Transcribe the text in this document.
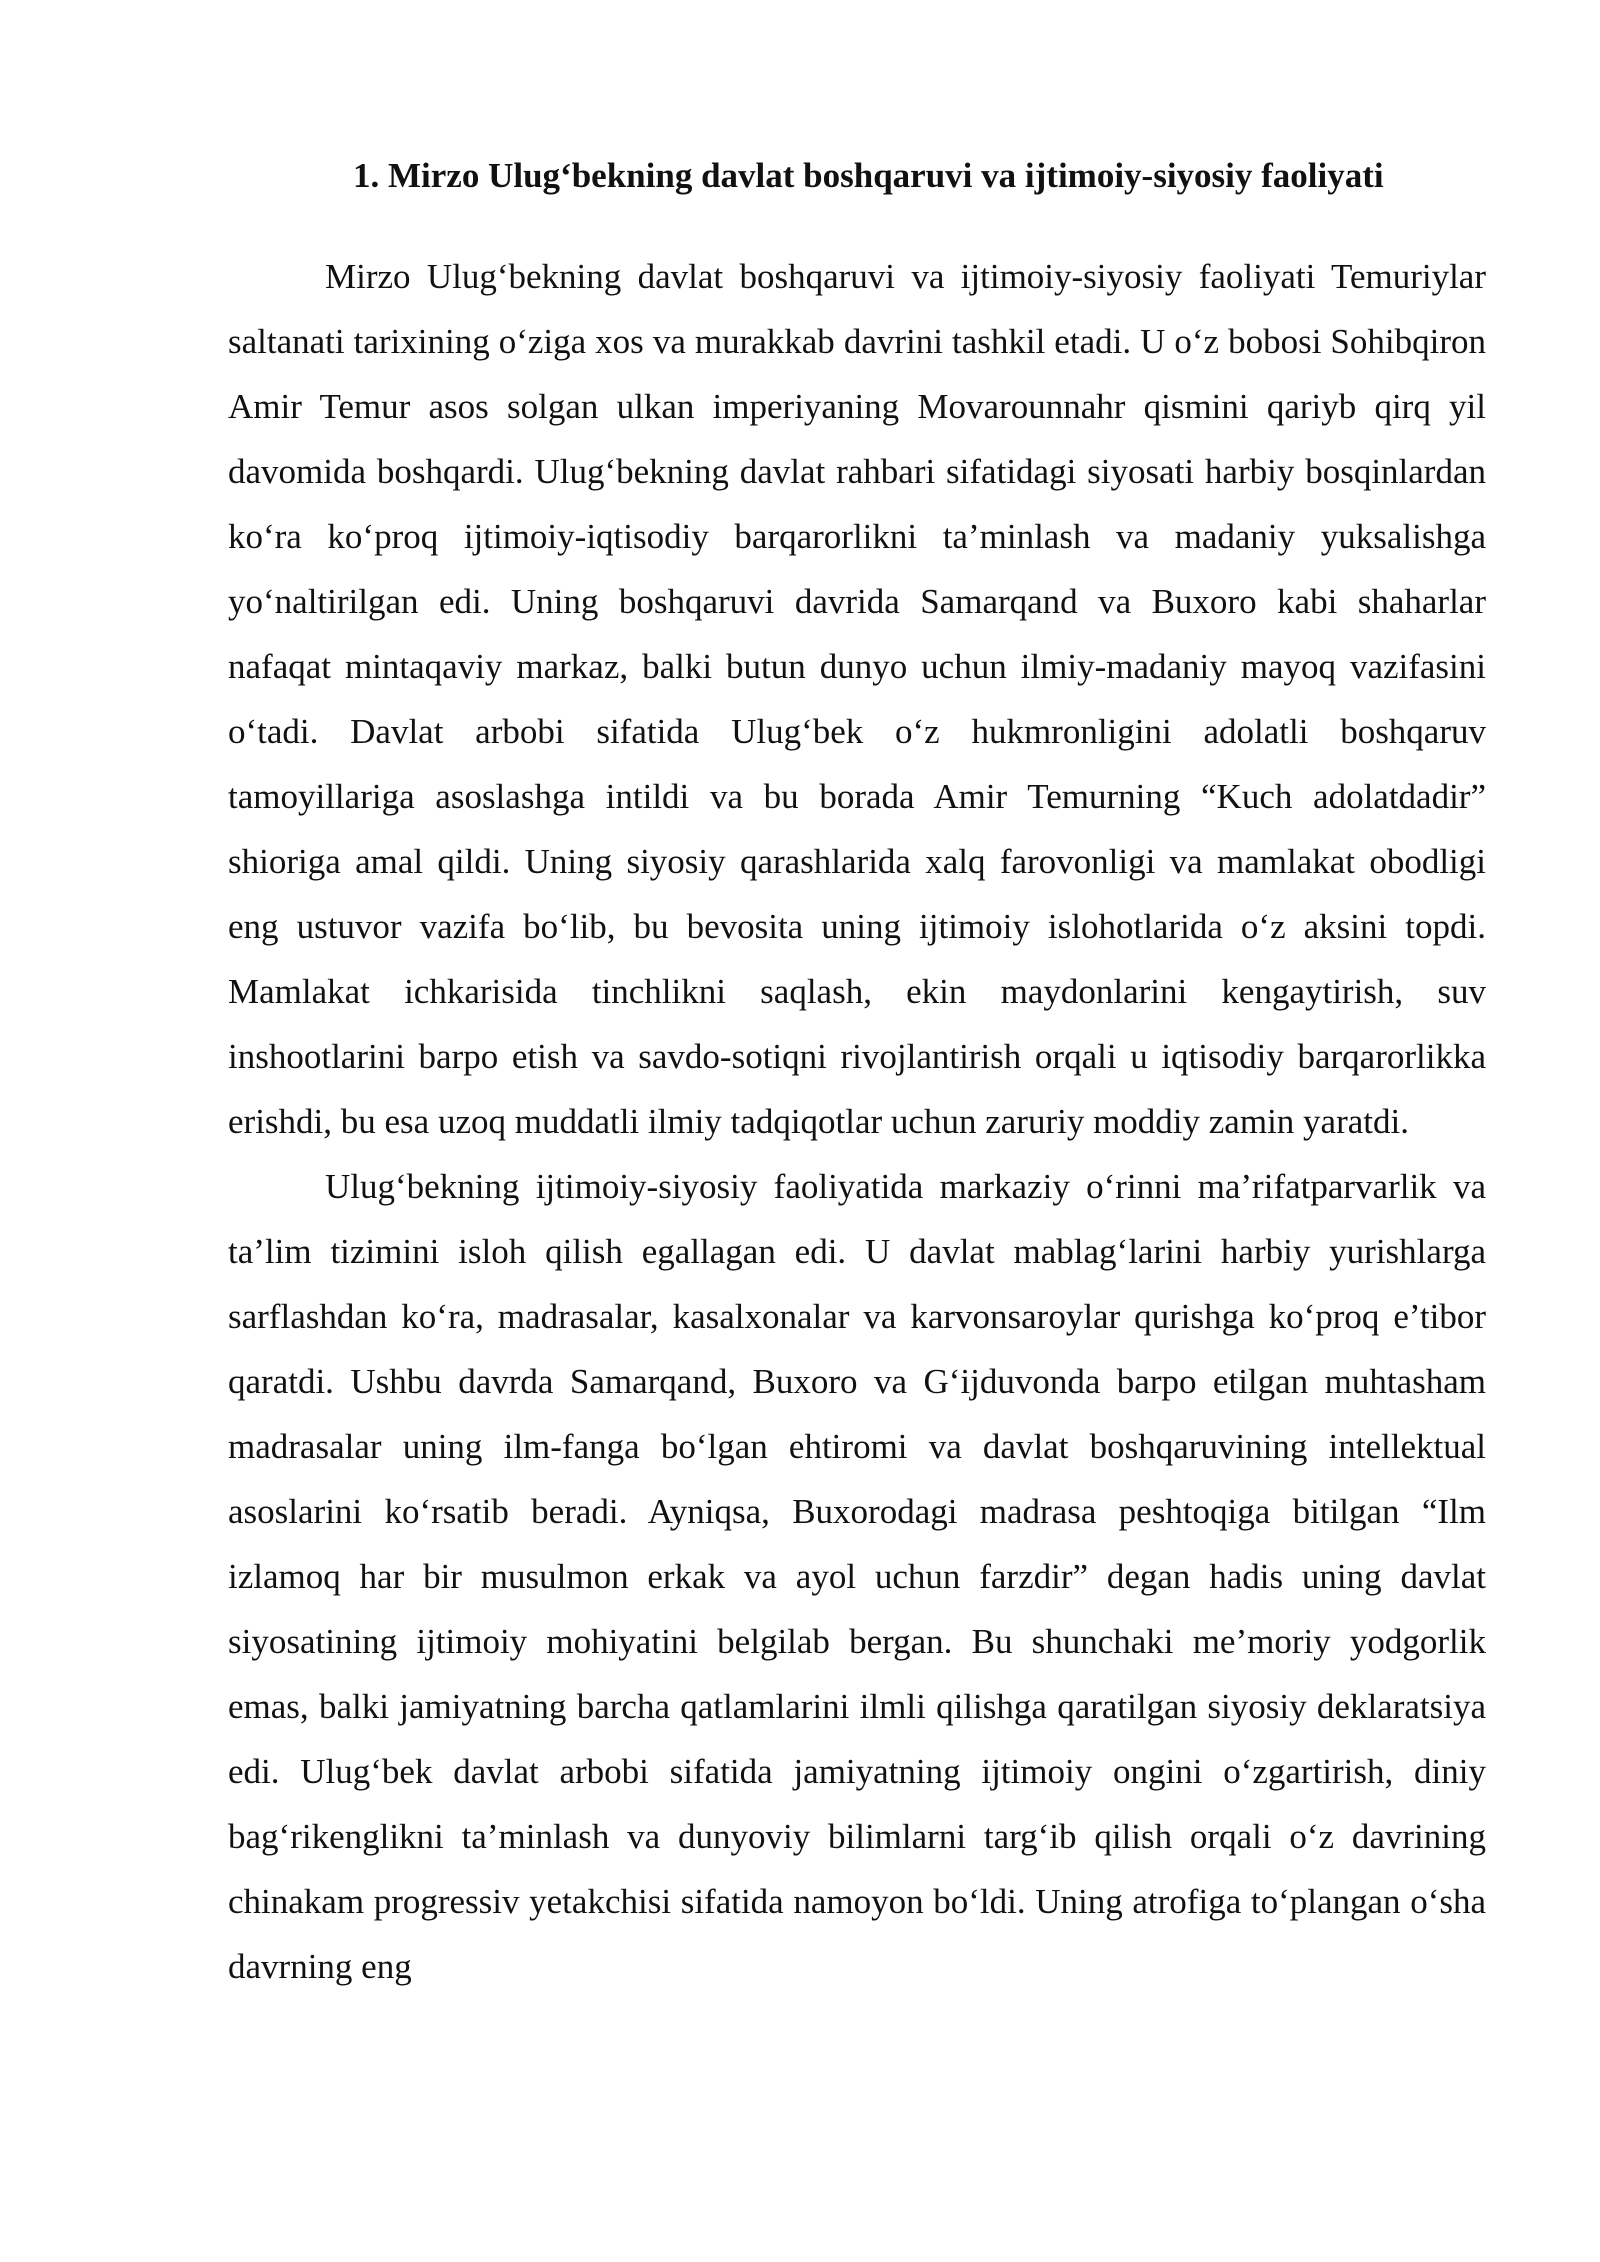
1. Mirzo Ulug‘bekning davlat boshqaruvi va ijtimoiy-siyosiy faoliyati

Mirzo Ulug‘bekning davlat boshqaruvi va ijtimoiy-siyosiy faoliyati Temuriylar saltanati tarixining o‘ziga xos va murakkab davrini tashkil etadi. U o‘z bobosi Sohibqiron Amir Temur asos solgan ulkan imperiyaning Movarounnahr qismini qariyb qirq yil davomida boshqardi. Ulug‘bekning davlat rahbari sifatidagi siyosati harbiy bosqinlardan ko‘ra ko‘proq ijtimoiy-iqtisodiy barqarorlikni ta’minlash va madaniy yuksalishga yo‘naltirilgan edi. Uning boshqaruvi davrida Samarqand va Buxoro kabi shaharlar nafaqat mintaqaviy markaz, balki butun dunyo uchun ilmiy-madaniy mayoq vazifasini o‘tadi. Davlat arbobi sifatida Ulug‘bek o‘z hukmronligini adolatli boshqaruv tamoyillariga asoslashga intildi va bu borada Amir Temurning “Kuch adolatdadir” shioriga amal qildi. Uning siyosiy qarashlarida xalq farovonligi va mamlakat obodligi eng ustuvor vazifa bo‘lib, bu bevosita uning ijtimoiy islohotlarida o‘z aksini topdi. Mamlakat ichkarisida tinchlikni saqlash, ekin maydonlarini kengaytirish, suv inshootlarini barpo etish va savdo-sotiqni rivojlantirish orqali u iqtisodiy barqarorlikka erishdi, bu esa uzoq muddatli ilmiy tadqiqotlar uchun zaruriy moddiy zamin yaratdi.

Ulug‘bekning ijtimoiy-siyosiy faoliyatida markaziy o‘rinni ma’rifatparvarlik va ta’lim tizimini isloh qilish egallagan edi. U davlat mablag‘larini harbiy yurishlarga sarflashdan ko‘ra, madrasalar, kasalxonalar va karvonsaroylar qurishga ko‘proq e’tibor qaratdi. Ushbu davrda Samarqand, Buxoro va G‘ijduvonda barpo etilgan muhtasham madrasalar uning ilm-fanga bo‘lgan ehtiromi va davlat boshqaruvining intellektual asoslarini ko‘rsatib beradi. Ayniqsa, Buxorodagi madrasa peshtoqiga bitilgan “Ilm izlamoq har bir musulmon erkak va ayol uchun farzdir” degan hadis uning davlat siyosatining ijtimoiy mohiyatini belgilab bergan. Bu shunchaki me’moriy yodgorlik emas, balki jamiyatning barcha qatlamlarini ilmli qilishga qaratilgan siyosiy deklaratsiya edi. Ulug‘bek davlat arbobi sifatida jamiyatning ijtimoiy ongini o‘zgartirish, diniy bag‘rikenglikni ta’minlash va dunyoviy bilimlarni targ‘ib qilish orqali o‘z davrining chinakam progressiv yetakchisi sifatida namoyon bo‘ldi. Uning atrofiga to‘plangan o‘sha davrning eng
